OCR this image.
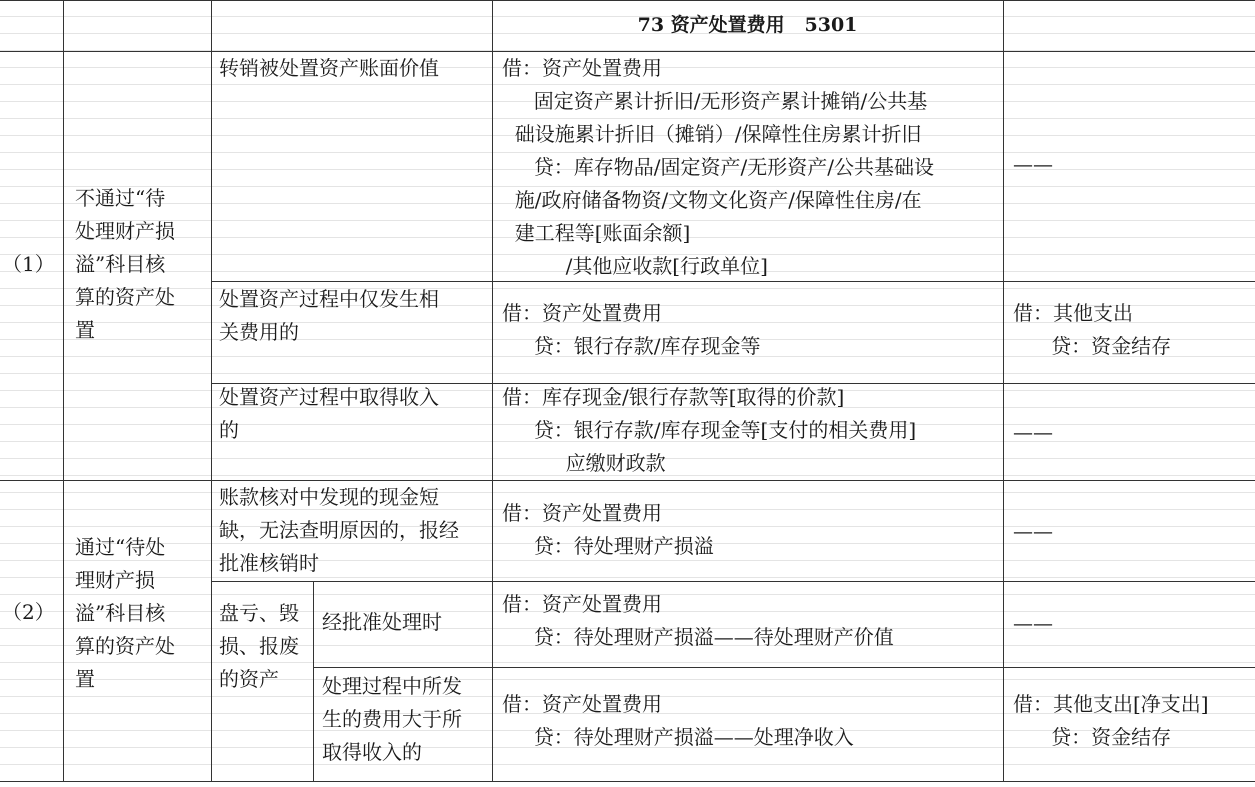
73 资产处置费用   5301
（1）
不通过“待
处理财产损
溢”科目核
算的资产处
置
转销被处置资产账面价值	借：资产处置费用
固定资产累计折旧/无形资产累计摊销/公共基
础设施累计折旧（摊销）/保障性住房累计折旧
贷：库存物品/固定资产/无形资产/公共基础设
施/政府储备物资/文物文化资产/保障性住房/在
建工程等[账面余额]
/其他应收款[行政单位]
——
处置资产过程中仅发生相
关费用的
借：资产处置费用
贷：银行存款/库存现金等
借：其他支出
贷：资金结存
处置资产过程中取得收入
的
借：库存现金/银行存款等[取得的价款]
贷：银行存款/库存现金等[支付的相关费用]
应缴财政款
——
（2）
通过“待处
理财产损
溢”科目核
算的资产处
置
账款核对中发现的现金短
缺，无法查明原因的，报经
批准核销时
借：资产处置费用
贷：待处理财产损溢
——
盘亏、毁
损、报废
的资产
经批准处理时
借：资产处置费用
贷：待处理财产损溢——待处理财产价值
——
处理过程中所发
生的费用大于所
取得收入的
借：资产处置费用
贷：待处理财产损溢——处理净收入
借：其他支出[净支出]
贷：资金结存
